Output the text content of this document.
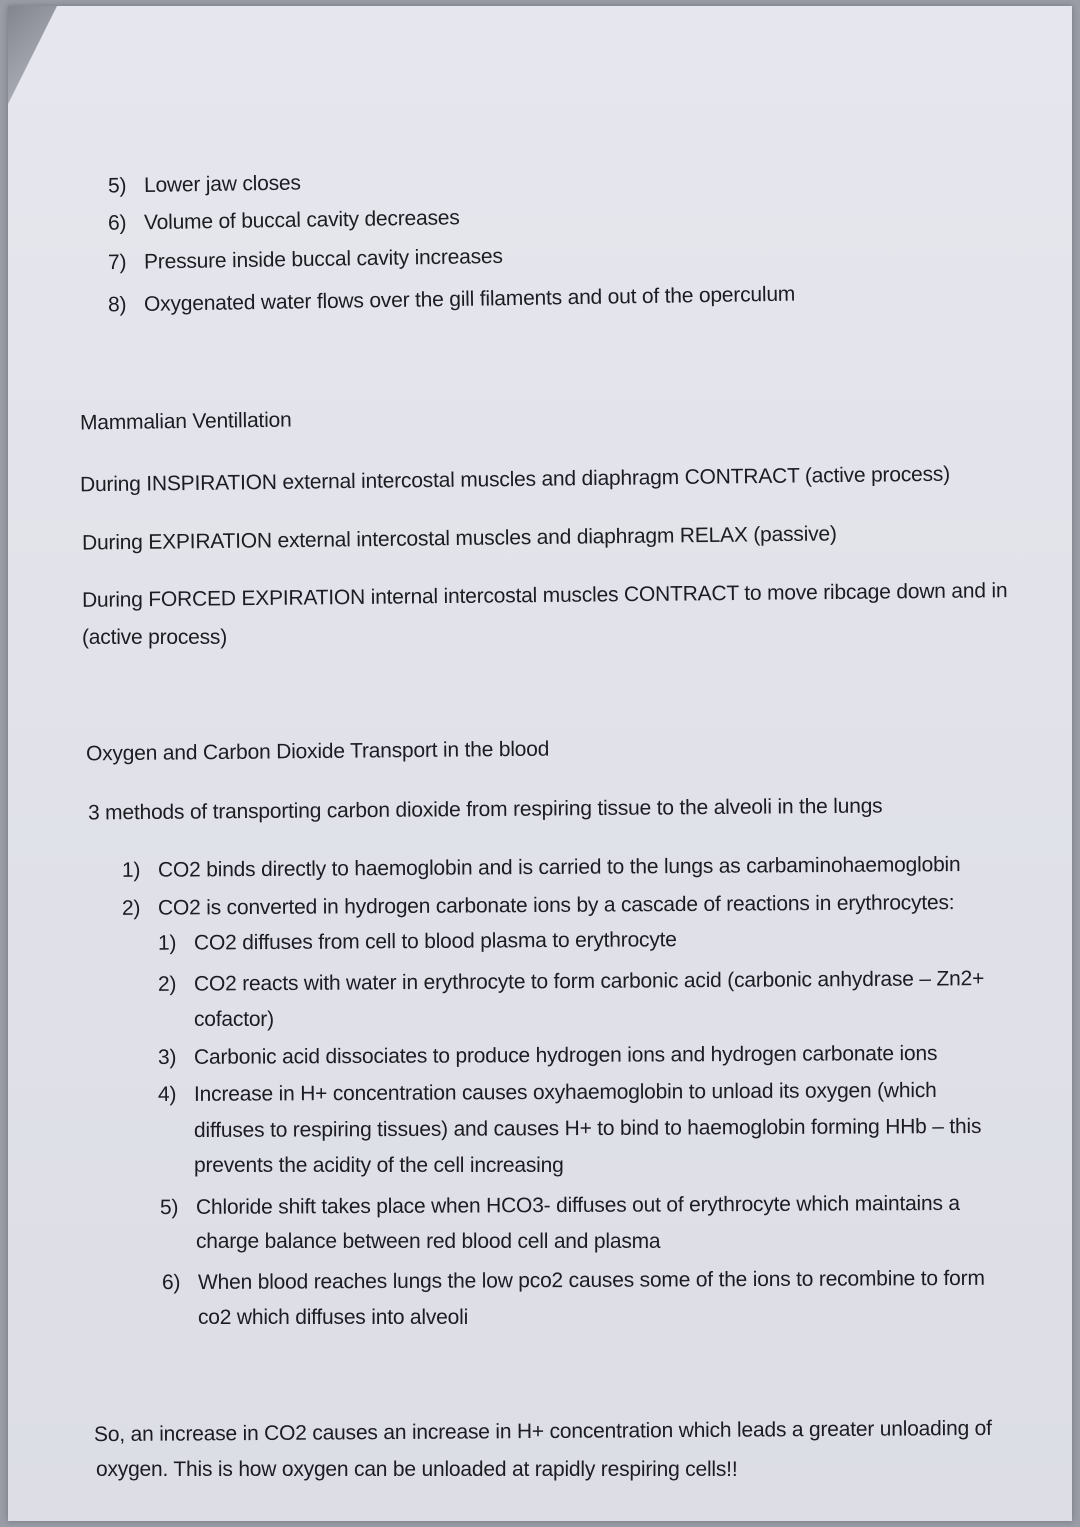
5) Lower jaw closes
6) Volume of buccal cavity decreases
7) Pressure inside buccal cavity increases
8) Oxygenated water flows over the gill filaments and out of the operculum
Mammalian Ventillation
During INSPIRATION external intercostal muscles and diaphragm CONTRACT (active process)
During EXPIRATION external intercostal muscles and diaphragm RELAX (passive)
During FORCED EXPIRATION internal intercostal muscles CONTRACT to move ribcage down and in
(active process)
Oxygen and Carbon Dioxide Transport in the blood
3 methods of transporting carbon dioxide from respiring tissue to the alveoli in the lungs
1) CO2 binds directly to haemoglobin and is carried to the lungs as carbaminohaemoglobin
2) CO2 is converted in hydrogen carbonate ions by a cascade of reactions in erythrocytes:
1) CO2 diffuses from cell to blood plasma to erythrocyte
2) CO2 reacts with water in erythrocyte to form carbonic acid (carbonic anhydrase – Zn2+
cofactor)
3) Carbonic acid dissociates to produce hydrogen ions and hydrogen carbonate ions
4) Increase in H+ concentration causes oxyhaemoglobin to unload its oxygen (which
diffuses to respiring tissues) and causes H+ to bind to haemoglobin forming HHb – this
prevents the acidity of the cell increasing
5) Chloride shift takes place when HCO3- diffuses out of erythrocyte which maintains a
charge balance between red blood cell and plasma
6) When blood reaches lungs the low pco2 causes some of the ions to recombine to form
co2 which diffuses into alveoli
So, an increase in CO2 causes an increase in H+ concentration which leads a greater unloading of
oxygen. This is how oxygen can be unloaded at rapidly respiring cells!!
